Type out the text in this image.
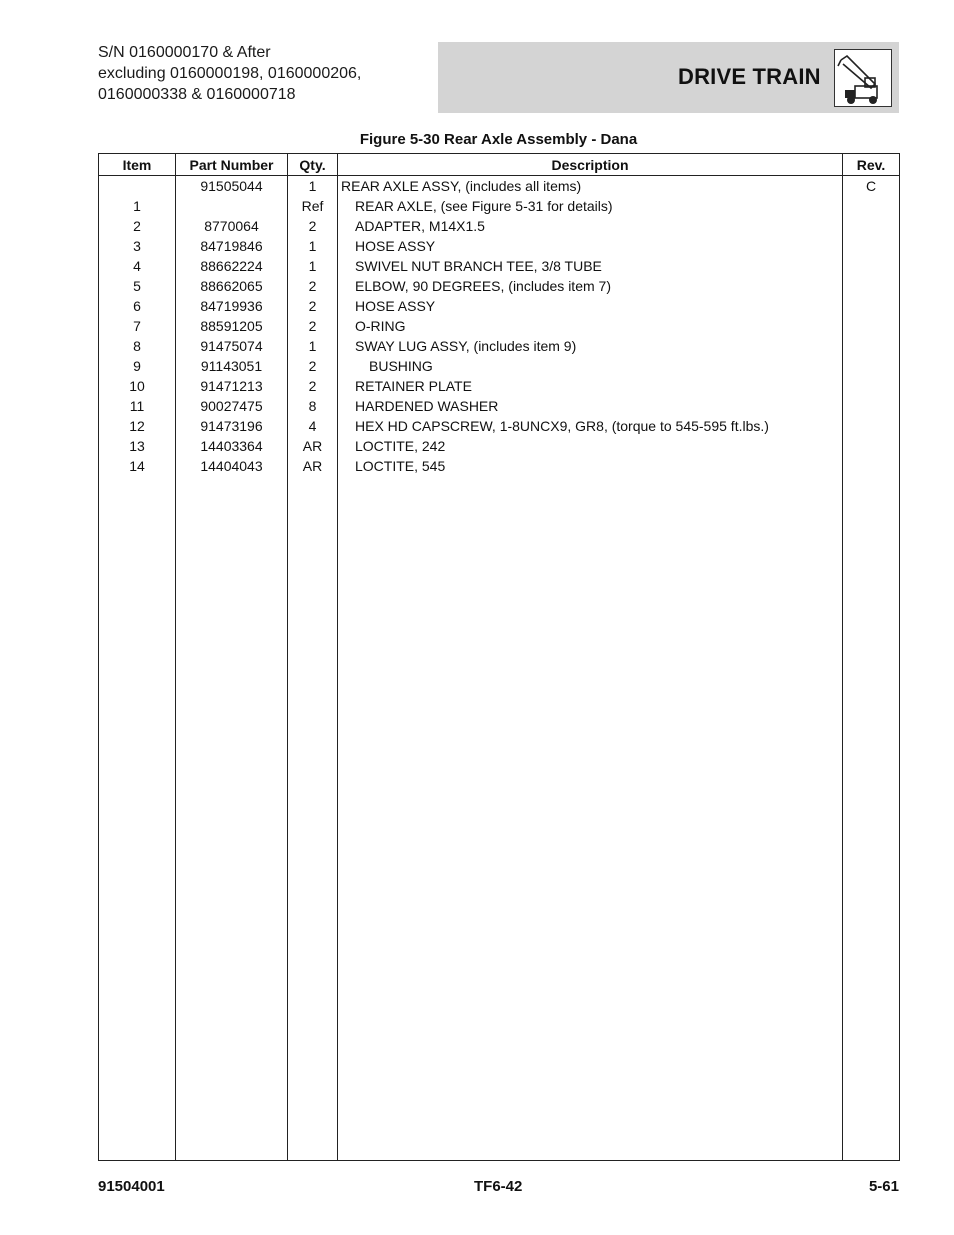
S/N 0160000170 & After
excluding 0160000198, 0160000206,
0160000338 & 0160000718
DRIVE TRAIN
Figure 5-30 Rear Axle Assembly - Dana
Item	Part Number	Qty.	Description	Rev.
	91505044	1	REAR AXLE ASSY, (includes all items)	C
1		Ref	REAR AXLE, (see Figure 5-31 for details)	
2	8770064	2	ADAPTER, M14X1.5	
3	84719846	1	HOSE ASSY	
4	88662224	1	SWIVEL NUT BRANCH TEE, 3/8 TUBE	
5	88662065	2	ELBOW, 90 DEGREES, (includes item 7)	
6	84719936	2	HOSE ASSY	
7	88591205	2	O-RING	
8	91475074	1	SWAY LUG ASSY, (includes item 9)	
9	91143051	2	BUSHING	
10	91471213	2	RETAINER PLATE	
11	90027475	8	HARDENED WASHER	
12	91473196	4	HEX HD CAPSCREW, 1-8UNCX9, GR8, (torque to 545-595 ft.lbs.)	
13	14403364	AR	LOCTITE, 242	
14	14404043	AR	LOCTITE, 545	

91504001	TF6-42	5-61
